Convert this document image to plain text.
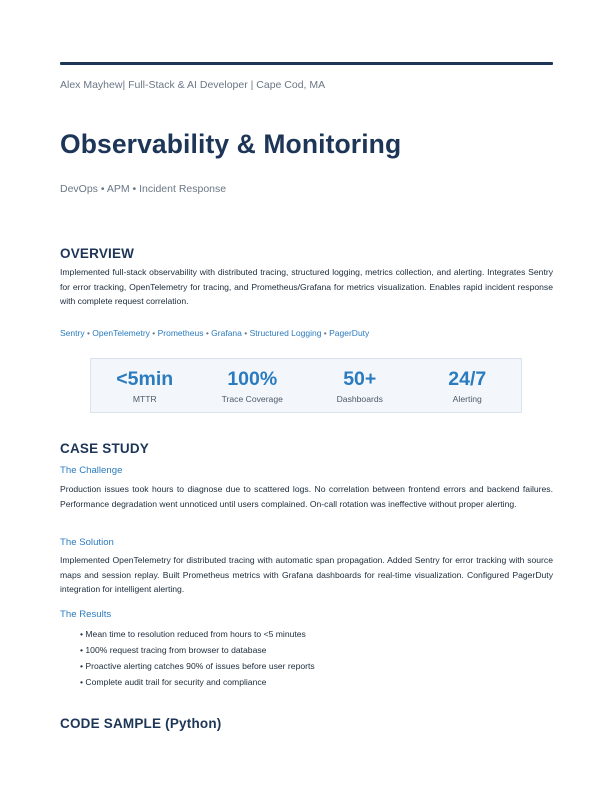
Alex Mayhew| Full-Stack & AI Developer | Cape Cod, MA
Observability & Monitoring
DevOps • APM • Incident Response
OVERVIEW

Implemented full-stack observability with distributed tracing, structured logging, metrics collection, and alerting. Integrates Sentry for error tracking, OpenTelemetry for tracing, and Prometheus/Grafana for metrics visualization. Enables rapid incident response with complete request correlation.

Sentry • OpenTelemetry • Prometheus • Grafana • Structured Logging • PagerDuty
<5min
MTTR
100%
Trace Coverage
50+
Dashboards
24/7
Alerting
CASE STUDY
The Challenge

Production issues took hours to diagnose due to scattered logs. No correlation between frontend errors and backend failures. Performance degradation went unnoticed until users complained. On-call rotation was ineffective without proper alerting.

The Solution

Implemented OpenTelemetry for distributed tracing with automatic span propagation. Added Sentry for error tracking with source maps and session replay. Built Prometheus metrics with Grafana dashboards for real-time visualization. Configured PagerDuty integration for intelligent alerting.

The Results
• Mean time to resolution reduced from hours to <5 minutes
• 100% request tracing from browser to database
• Proactive alerting catches 90% of issues before user reports
• Complete audit trail for security and compliance
CODE SAMPLE (Python)
